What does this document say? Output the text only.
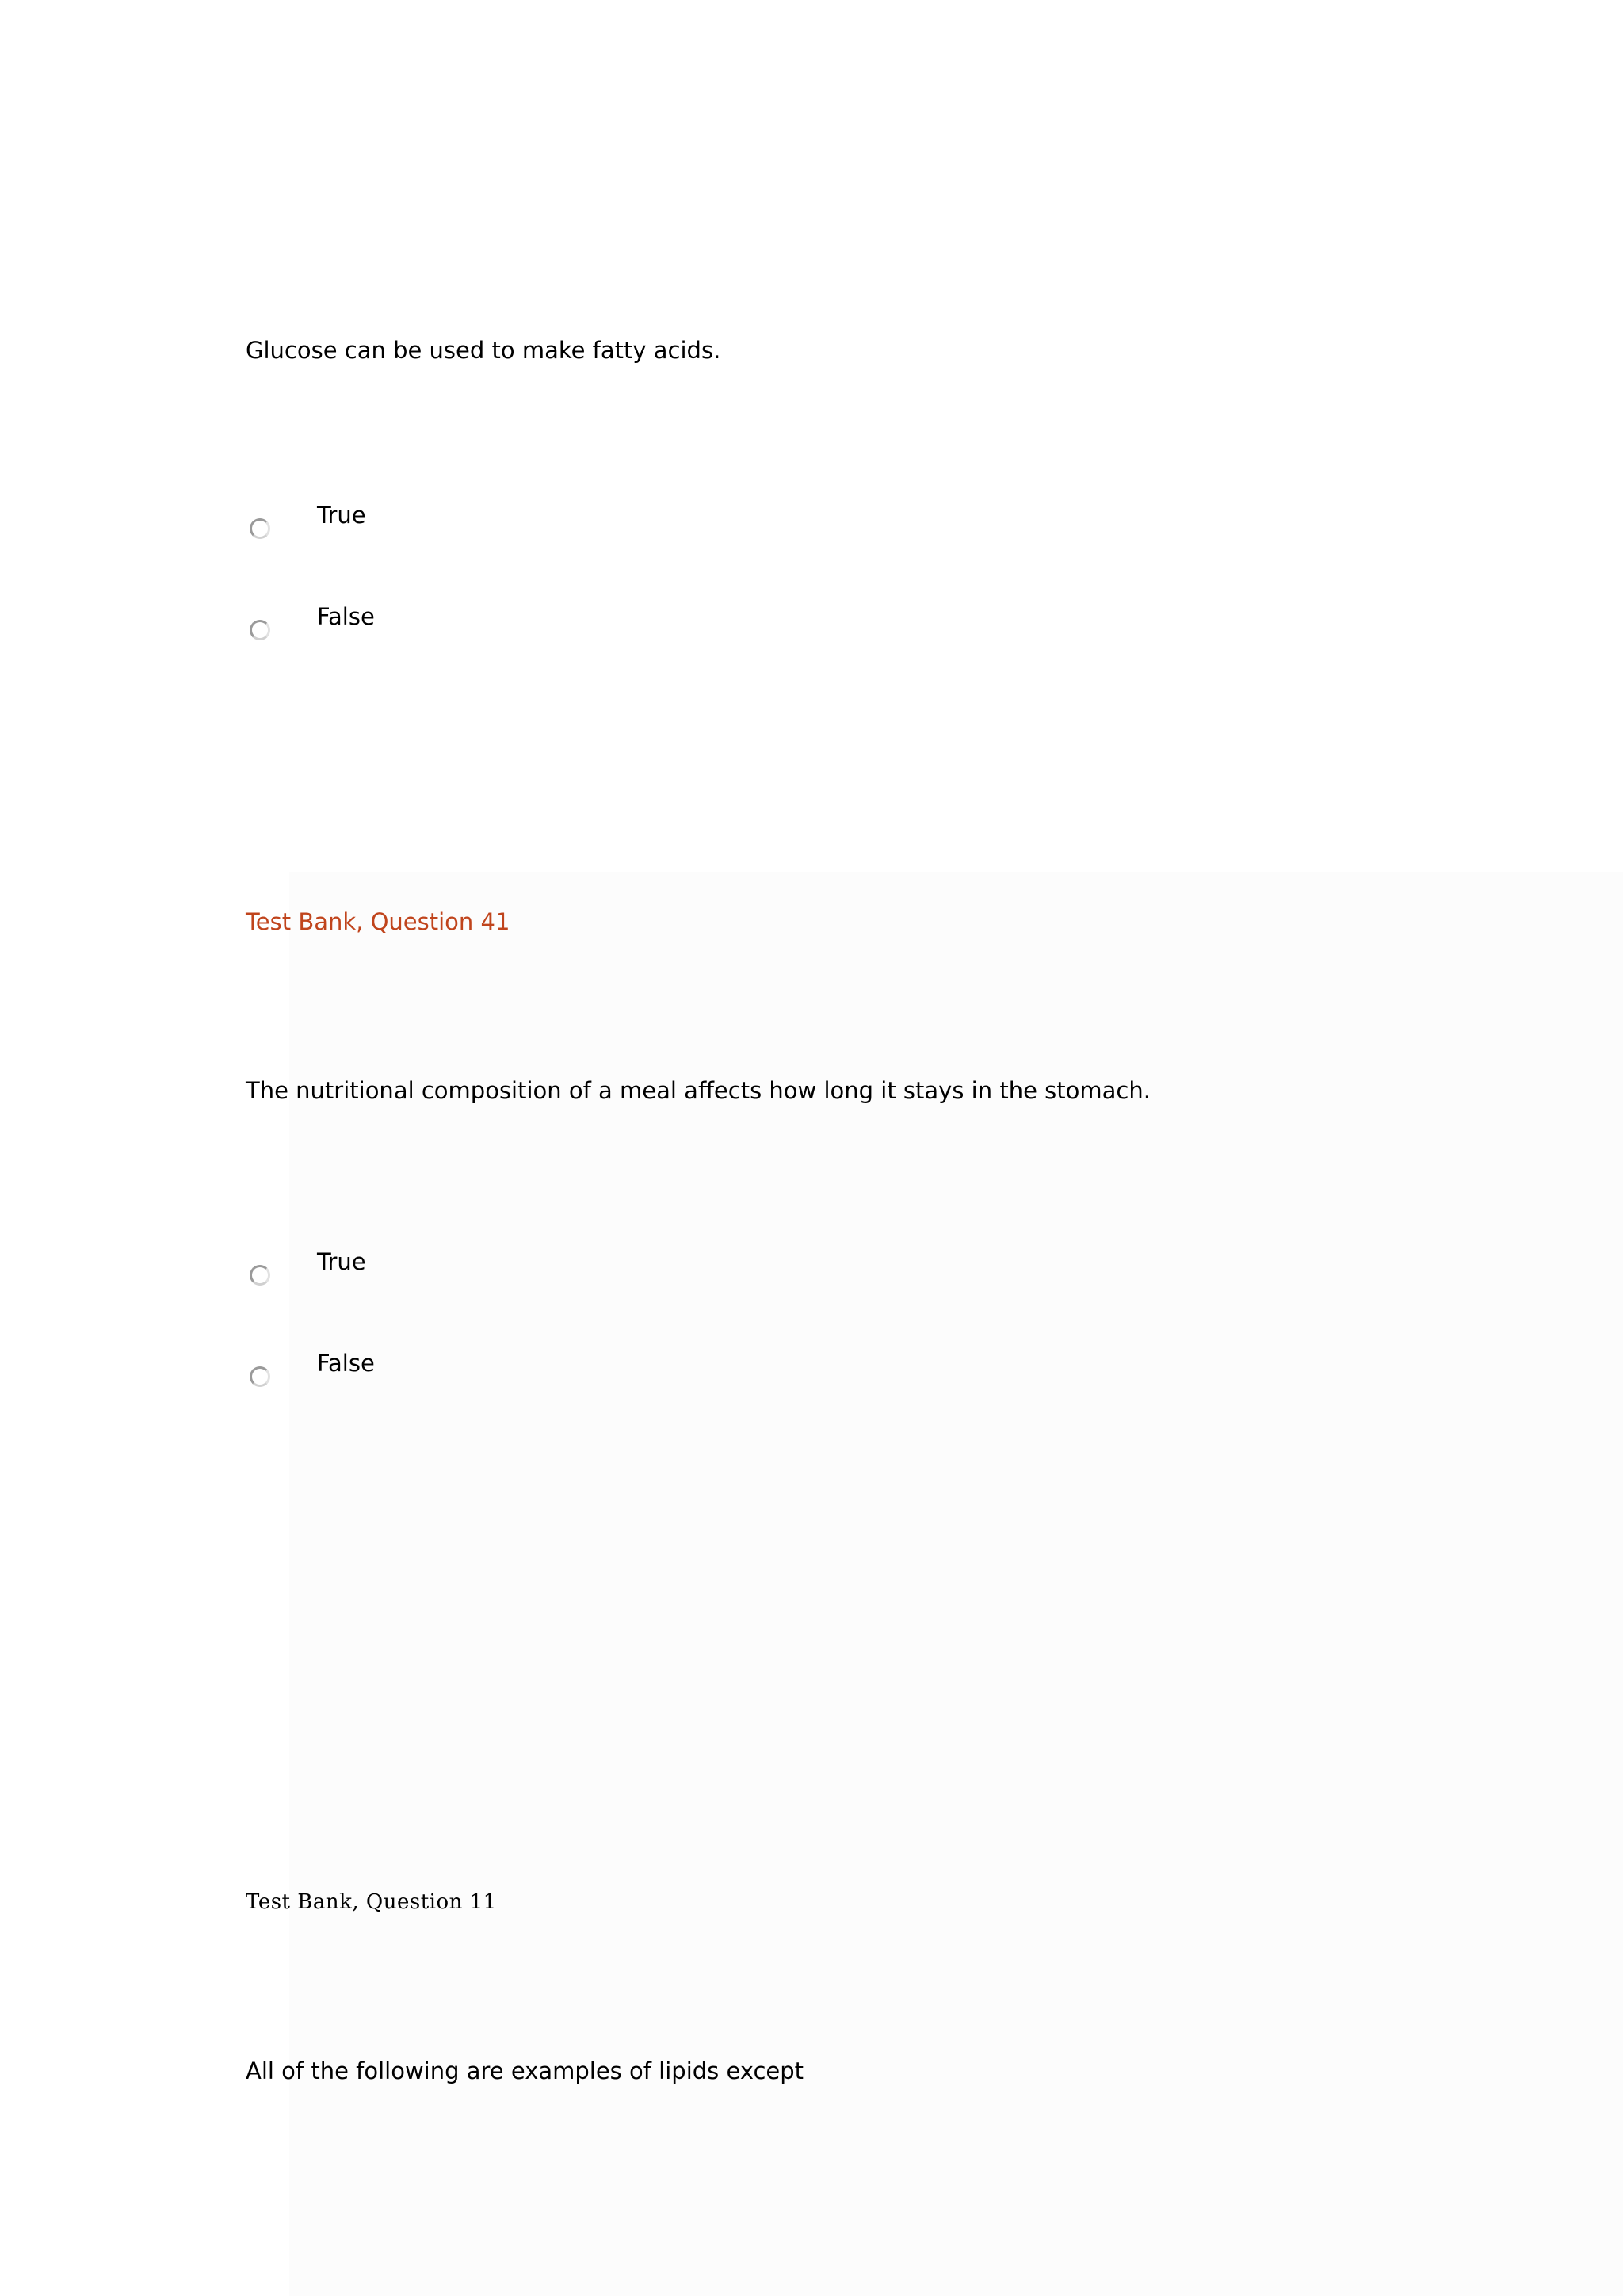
Glucose can be used to make fatty acids.
True
False
Test Bank, Question 41
The nutritional composition of a meal affects how long it stays in the stomach.
True
False
Test Bank, Question 11
All of the following are examples of lipids except
